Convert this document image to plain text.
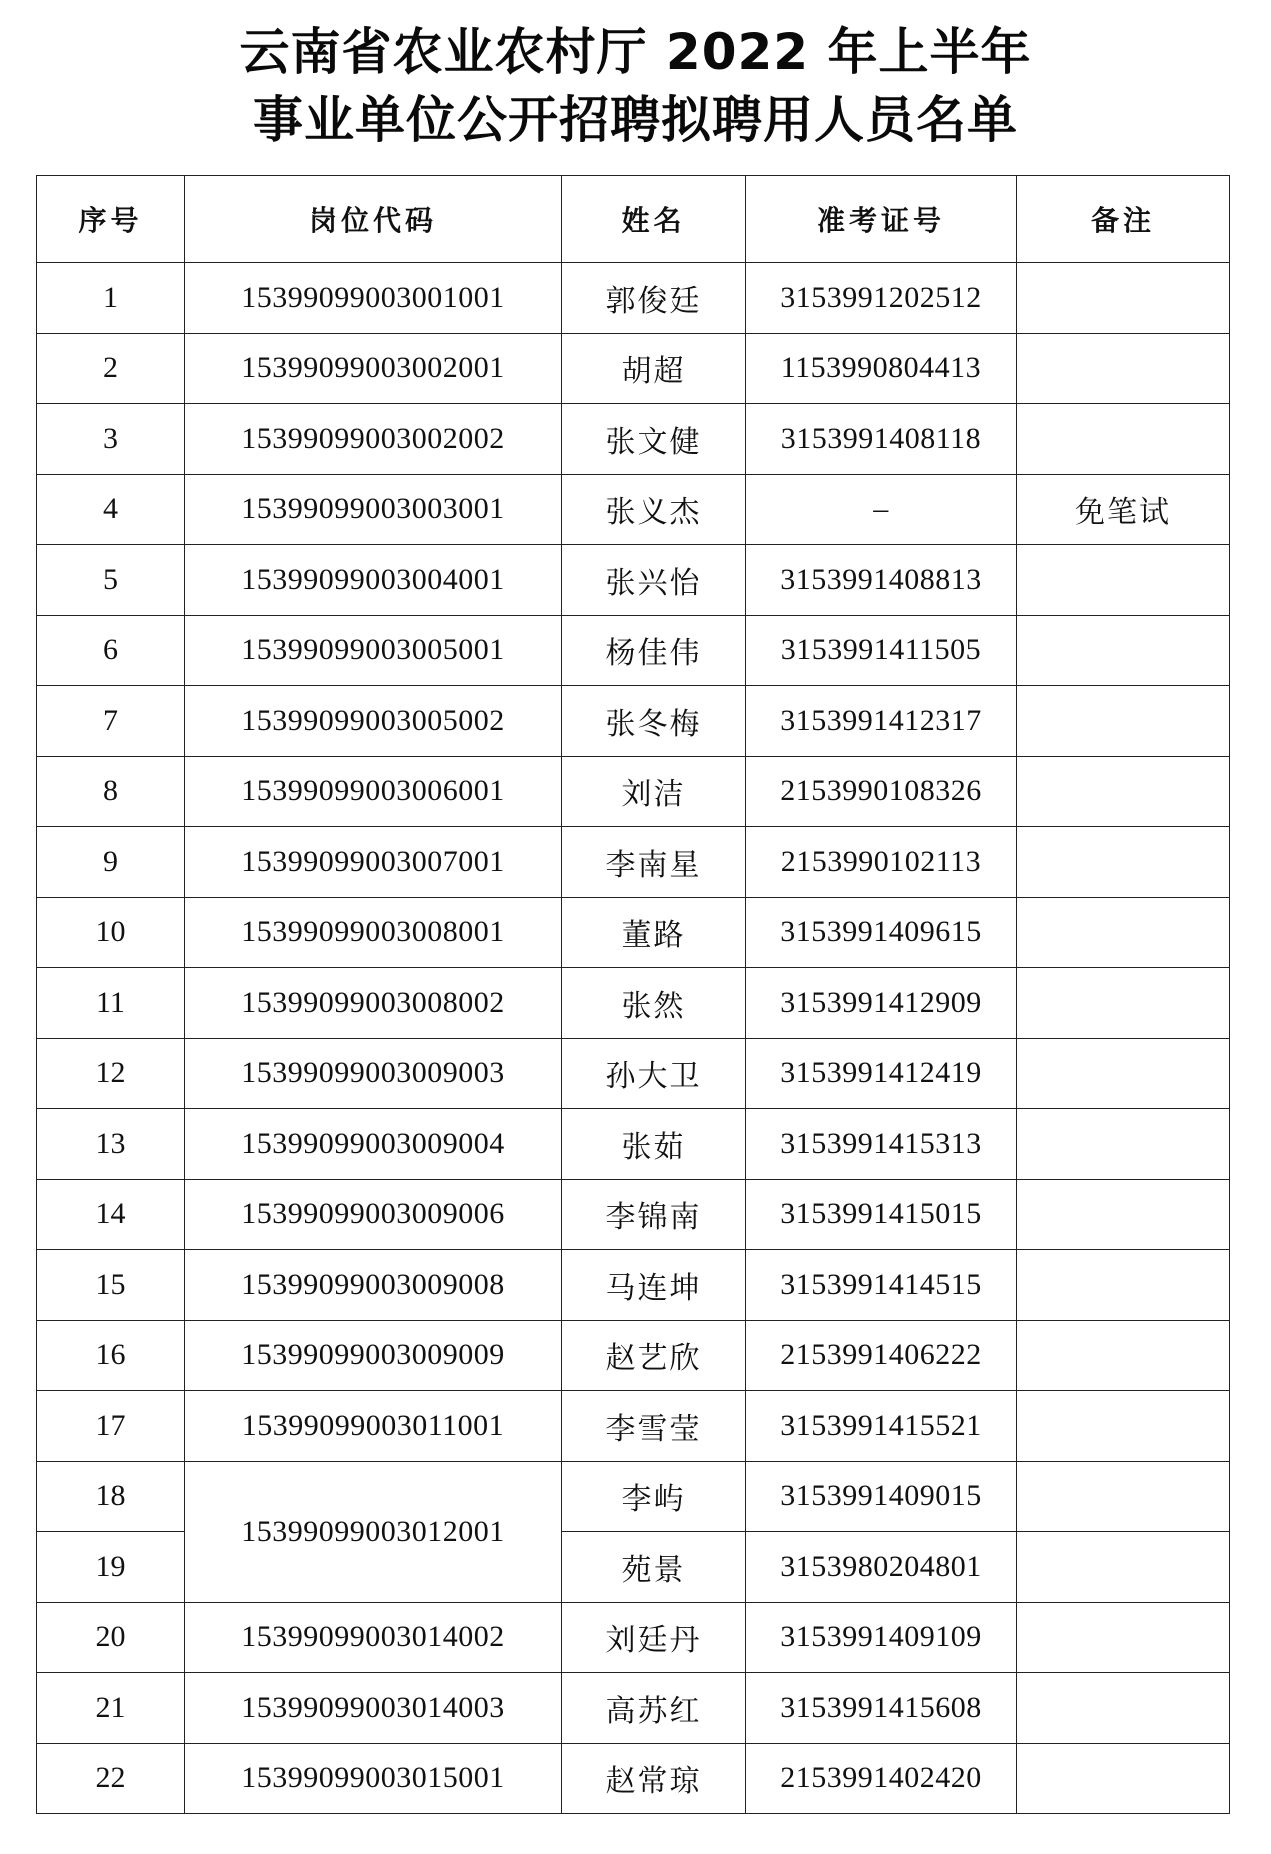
云南省农业农村厅 2022 年上半年
事业单位公开招聘拟聘用人员名单
序号	岗位代码	姓名	准考证号	备注
1	15399099003001001	郭俊廷	3153991202512	
2	15399099003002001	胡超	1153990804413	
3	15399099003002002	张文健	3153991408118	
4	15399099003003001	张义杰	–	免笔试
5	15399099003004001	张兴怡	3153991408813	
6	15399099003005001	杨佳伟	3153991411505	
7	15399099003005002	张冬梅	3153991412317	
8	15399099003006001	刘洁	2153990108326	
9	15399099003007001	李南星	2153990102113	
10	15399099003008001	董路	3153991409615	
11	15399099003008002	张然	3153991412909	
12	15399099003009003	孙大卫	3153991412419	
13	15399099003009004	张茹	3153991415313	
14	15399099003009006	李锦南	3153991415015	
15	15399099003009008	马连坤	3153991414515	
16	15399099003009009	赵艺欣	2153991406222	
17	15399099003011001	李雪莹	3153991415521	
18	15399099003012001	李屿	3153991409015	
19		苑景	3153980204801	
20	15399099003014002	刘廷丹	3153991409109	
21	15399099003014003	高苏红	3153991415608	
22	15399099003015001	赵常琼	2153991402420	
